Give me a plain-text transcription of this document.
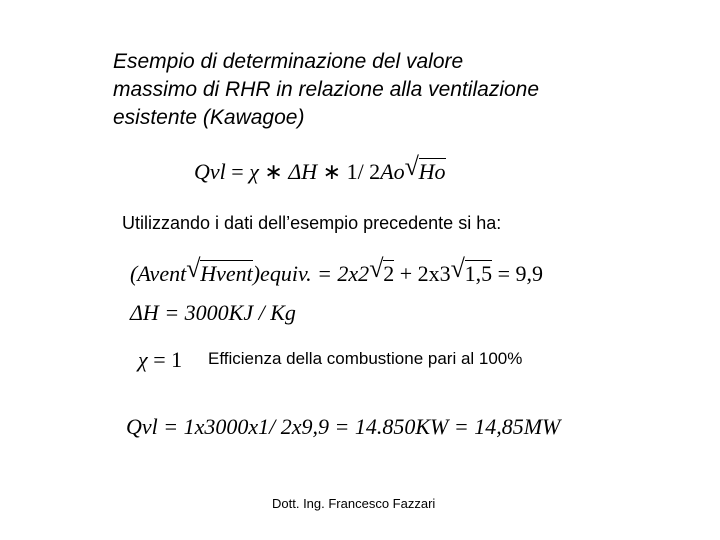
Esempio di determinazione del valore
massimo di RHR in relazione alla ventilazione
esistente (Kawagoe)
Qvl = χ ∗ ΔH ∗ 1/ 2Ao √ Ho
Utilizzando i dati dell’esempio precedente si ha:
(Avent √ Hvent)equiv. = 2x2 √ 2 + 2x3 √ 1,5 = 9,9
ΔH = 3000KJ / Kg
χ = 1 Efficienza della combustione pari al 100%
Qvl = 1x3000x1/ 2x9,9 = 14.850KW = 14,85MW
Dott. Ing. Francesco Fazzari
